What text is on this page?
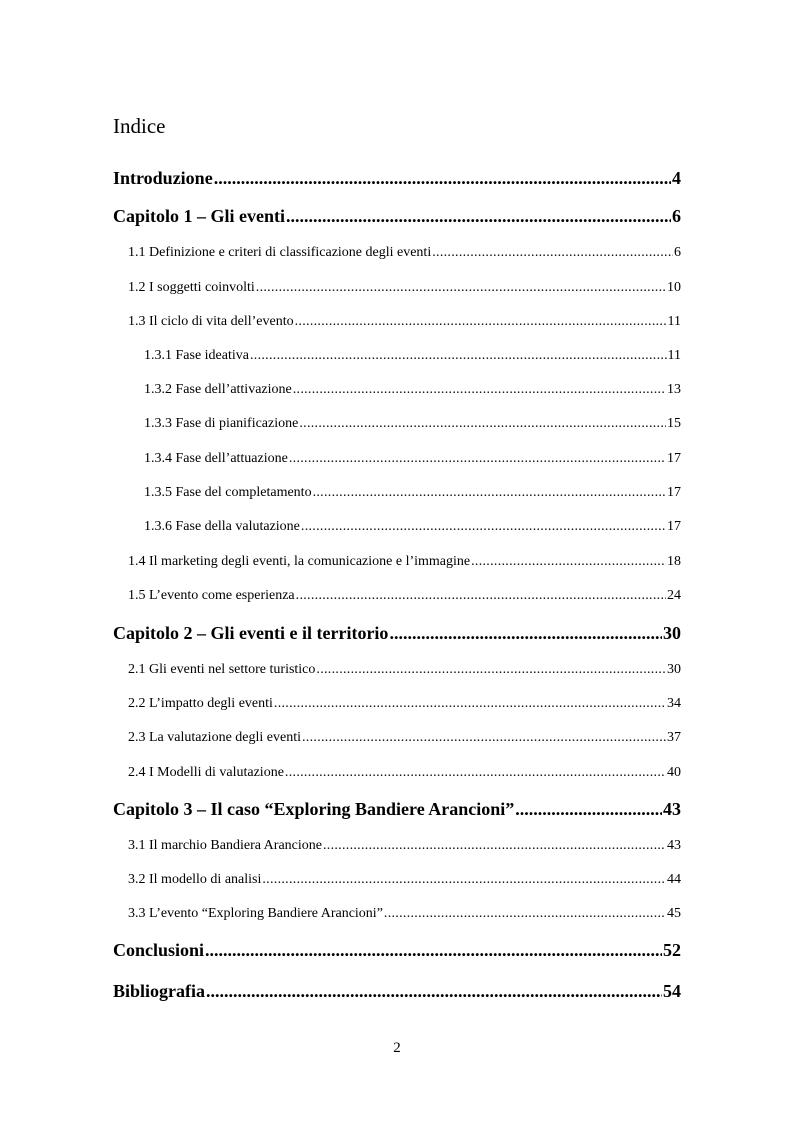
Indice
Introduzione .....	4
Capitolo 1 – Gli eventi .....	6
1.1 Definizione e criteri di classificazione degli eventi .....	6
1.2 I soggetti coinvolti .....	10
1.3 Il ciclo di vita dell’evento .....	11
1.3.1 Fase ideativa .....	11
1.3.2 Fase dell’attivazione .....	13
1.3.3 Fase di pianificazione .....	15
1.3.4 Fase dell’attuazione .....	17
1.3.5 Fase del completamento .....	17
1.3.6 Fase della valutazione .....	17
1.4 Il marketing degli eventi, la comunicazione e l’immagine .....	18
1.5 L’evento come esperienza .....	24
Capitolo 2 – Gli eventi e il territorio .....	30
2.1 Gli eventi nel settore turistico .....	30
2.2 L’impatto degli eventi .....	34
2.3 La valutazione degli eventi .....	37
2.4 I Modelli di valutazione .....	40
Capitolo 3 – Il caso “Exploring Bandiere Arancioni” .....	43
3.1 Il marchio Bandiera Arancione .....	43
3.2 Il modello di analisi .....	44
3.3 L’evento “Exploring Bandiere Arancioni” .....	45
Conclusioni .....	52
Bibliografia .....	54
2
